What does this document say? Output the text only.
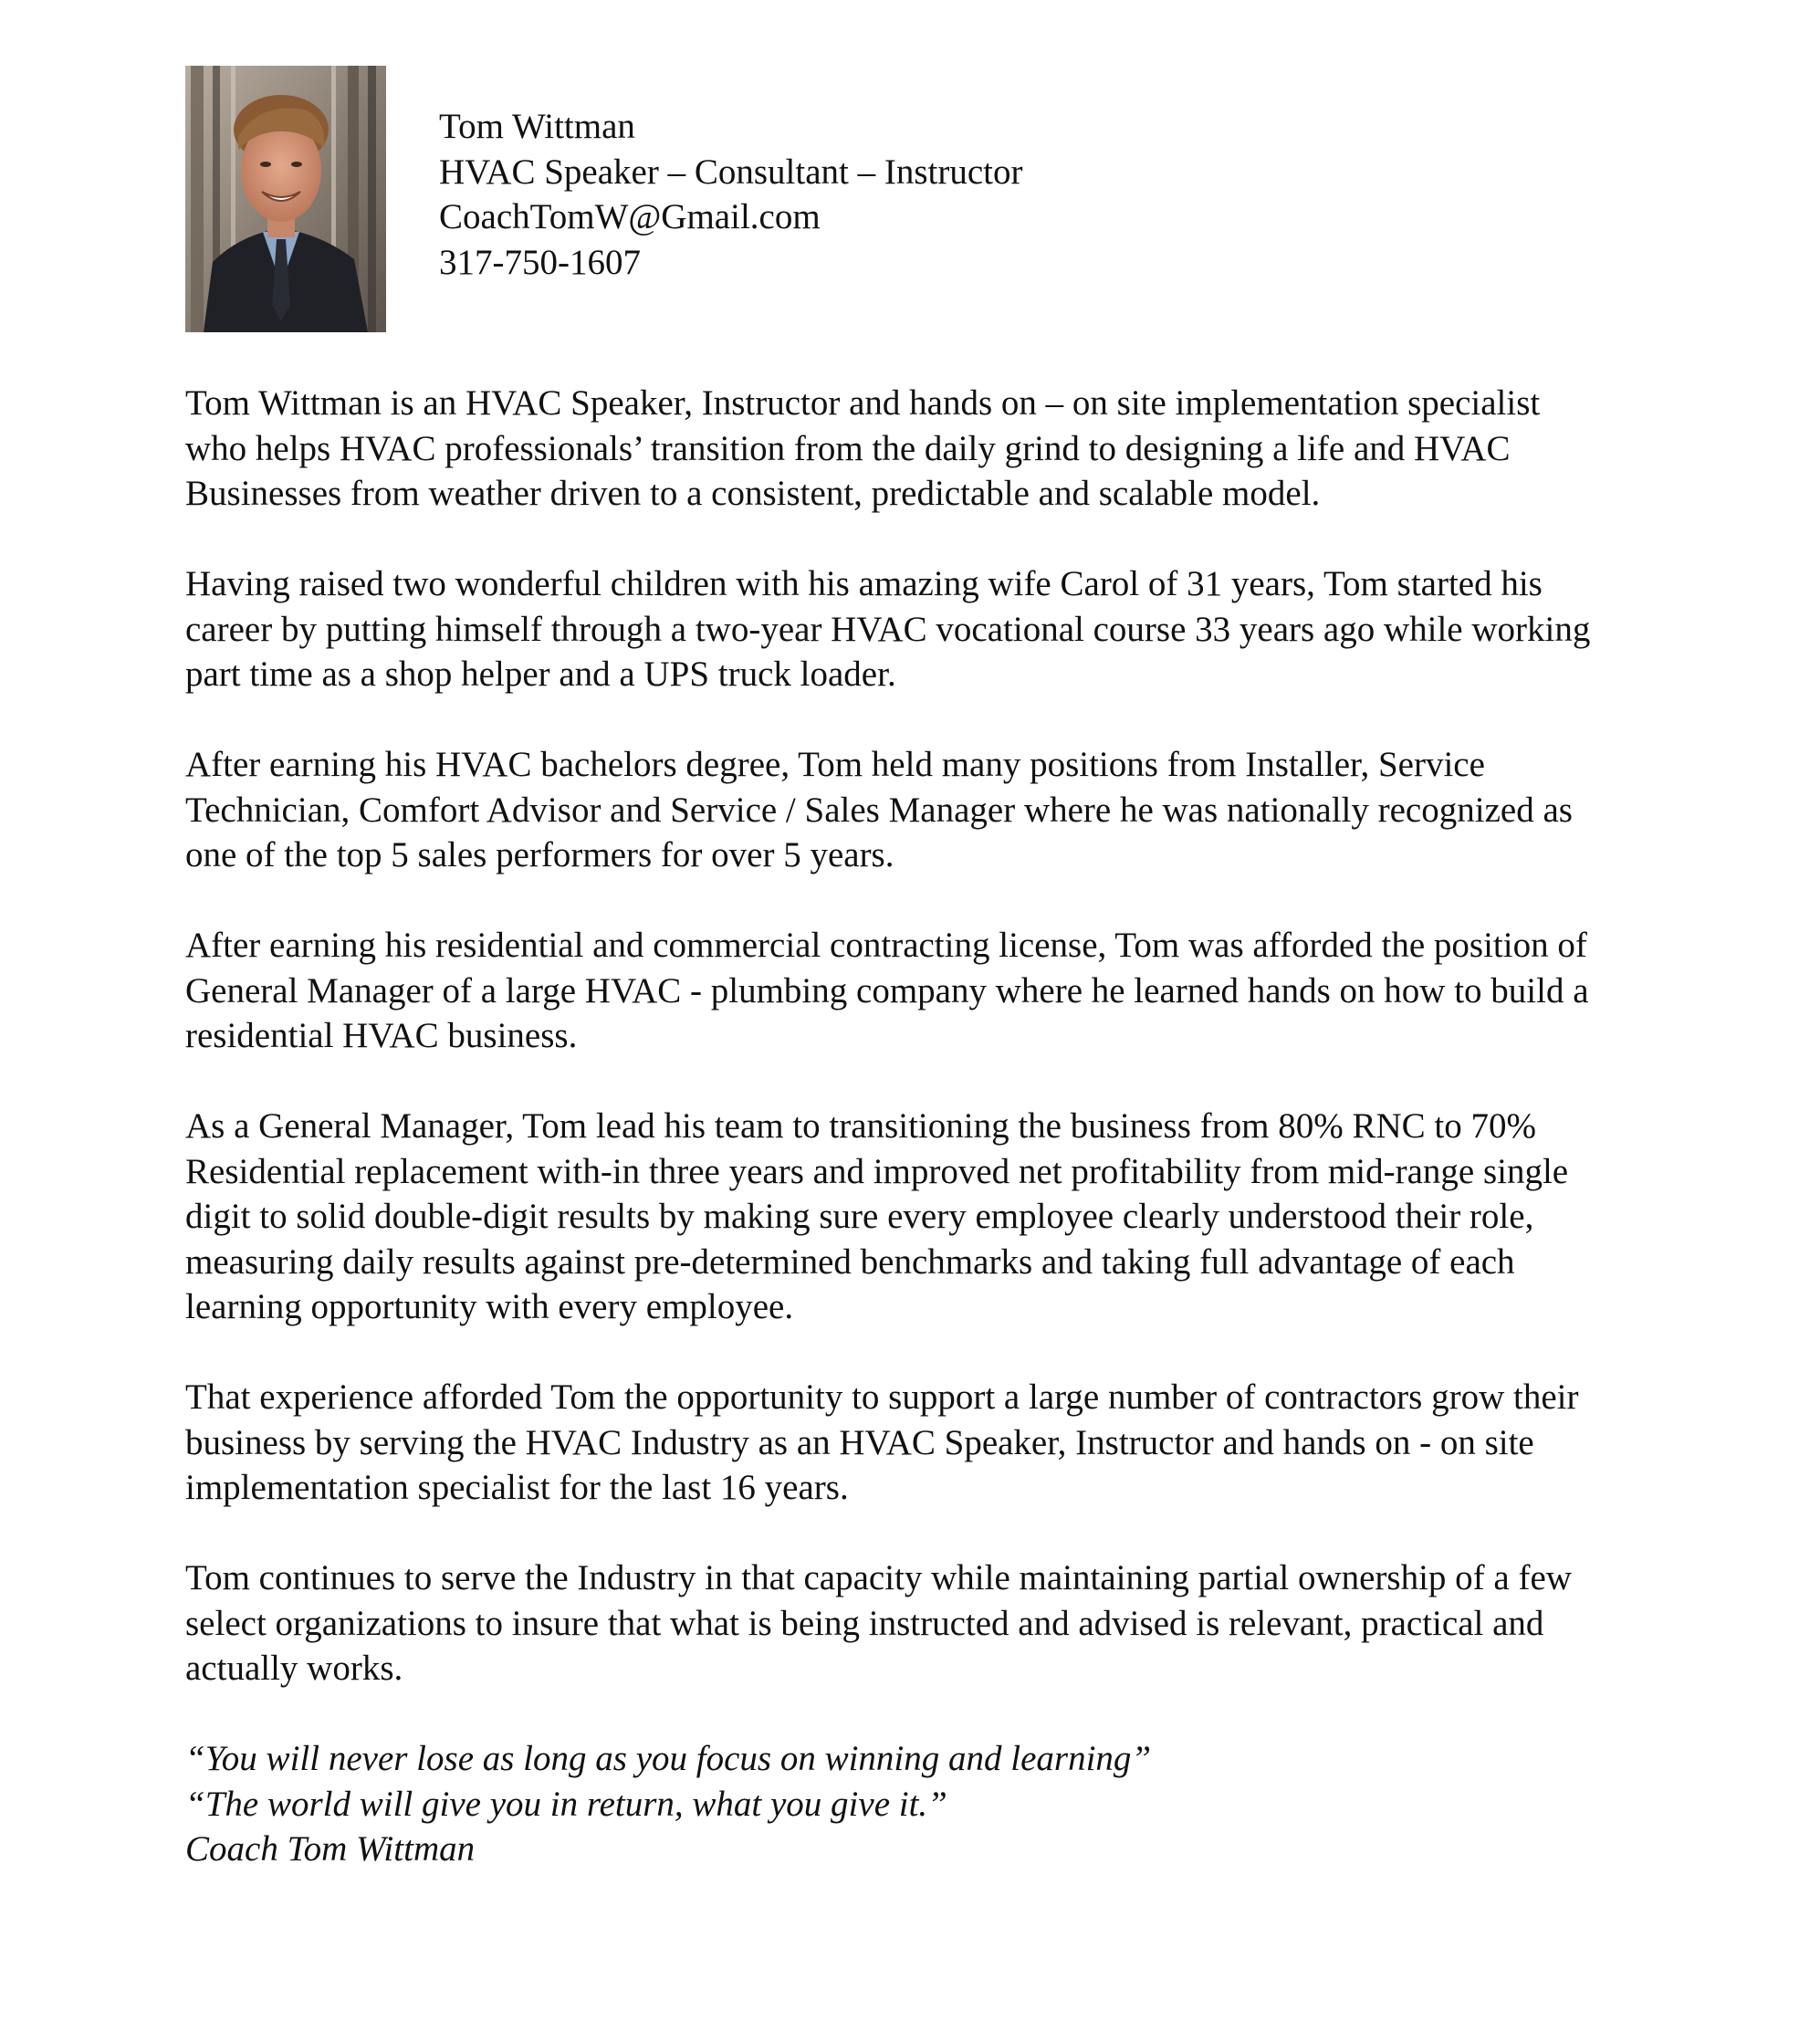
Tom Wittman
HVAC Speaker – Consultant – Instructor
CoachTomW@Gmail.com
317-750-1607

Tom Wittman is an HVAC Speaker, Instructor and hands on – on site implementation specialist who helps HVAC professionals’ transition from the daily grind to designing a life and HVAC Businesses from weather driven to a consistent, predictable and scalable model.

Having raised two wonderful children with his amazing wife Carol of 31 years, Tom started his career by putting himself through a two-year HVAC vocational course 33 years ago while working part time as a shop helper and a UPS truck loader.

After earning his HVAC bachelors degree, Tom held many positions from Installer, Service Technician, Comfort Advisor and Service / Sales Manager where he was nationally recognized as one of the top 5 sales performers for over 5 years.

After earning his residential and commercial contracting license, Tom was afforded the position of General Manager of a large HVAC - plumbing company where he learned hands on how to build a residential HVAC business.

As a General Manager, Tom lead his team to transitioning the business from 80% RNC to 70% Residential replacement with-in three years and improved net profitability from mid-range single digit to solid double-digit results by making sure every employee clearly understood their role, measuring daily results against pre-determined benchmarks and taking full advantage of each learning opportunity with every employee.

That experience afforded Tom the opportunity to support a large number of contractors grow their business by serving the HVAC Industry as an HVAC Speaker, Instructor and hands on - on site implementation specialist for the last 16 years.

Tom continues to serve the Industry in that capacity while maintaining partial ownership of a few select organizations to insure that what is being instructed and advised is relevant, practical and actually works.

“You will never lose as long as you focus on winning and learning”
“The world will give you in return, what you give it.”
Coach Tom Wittman
